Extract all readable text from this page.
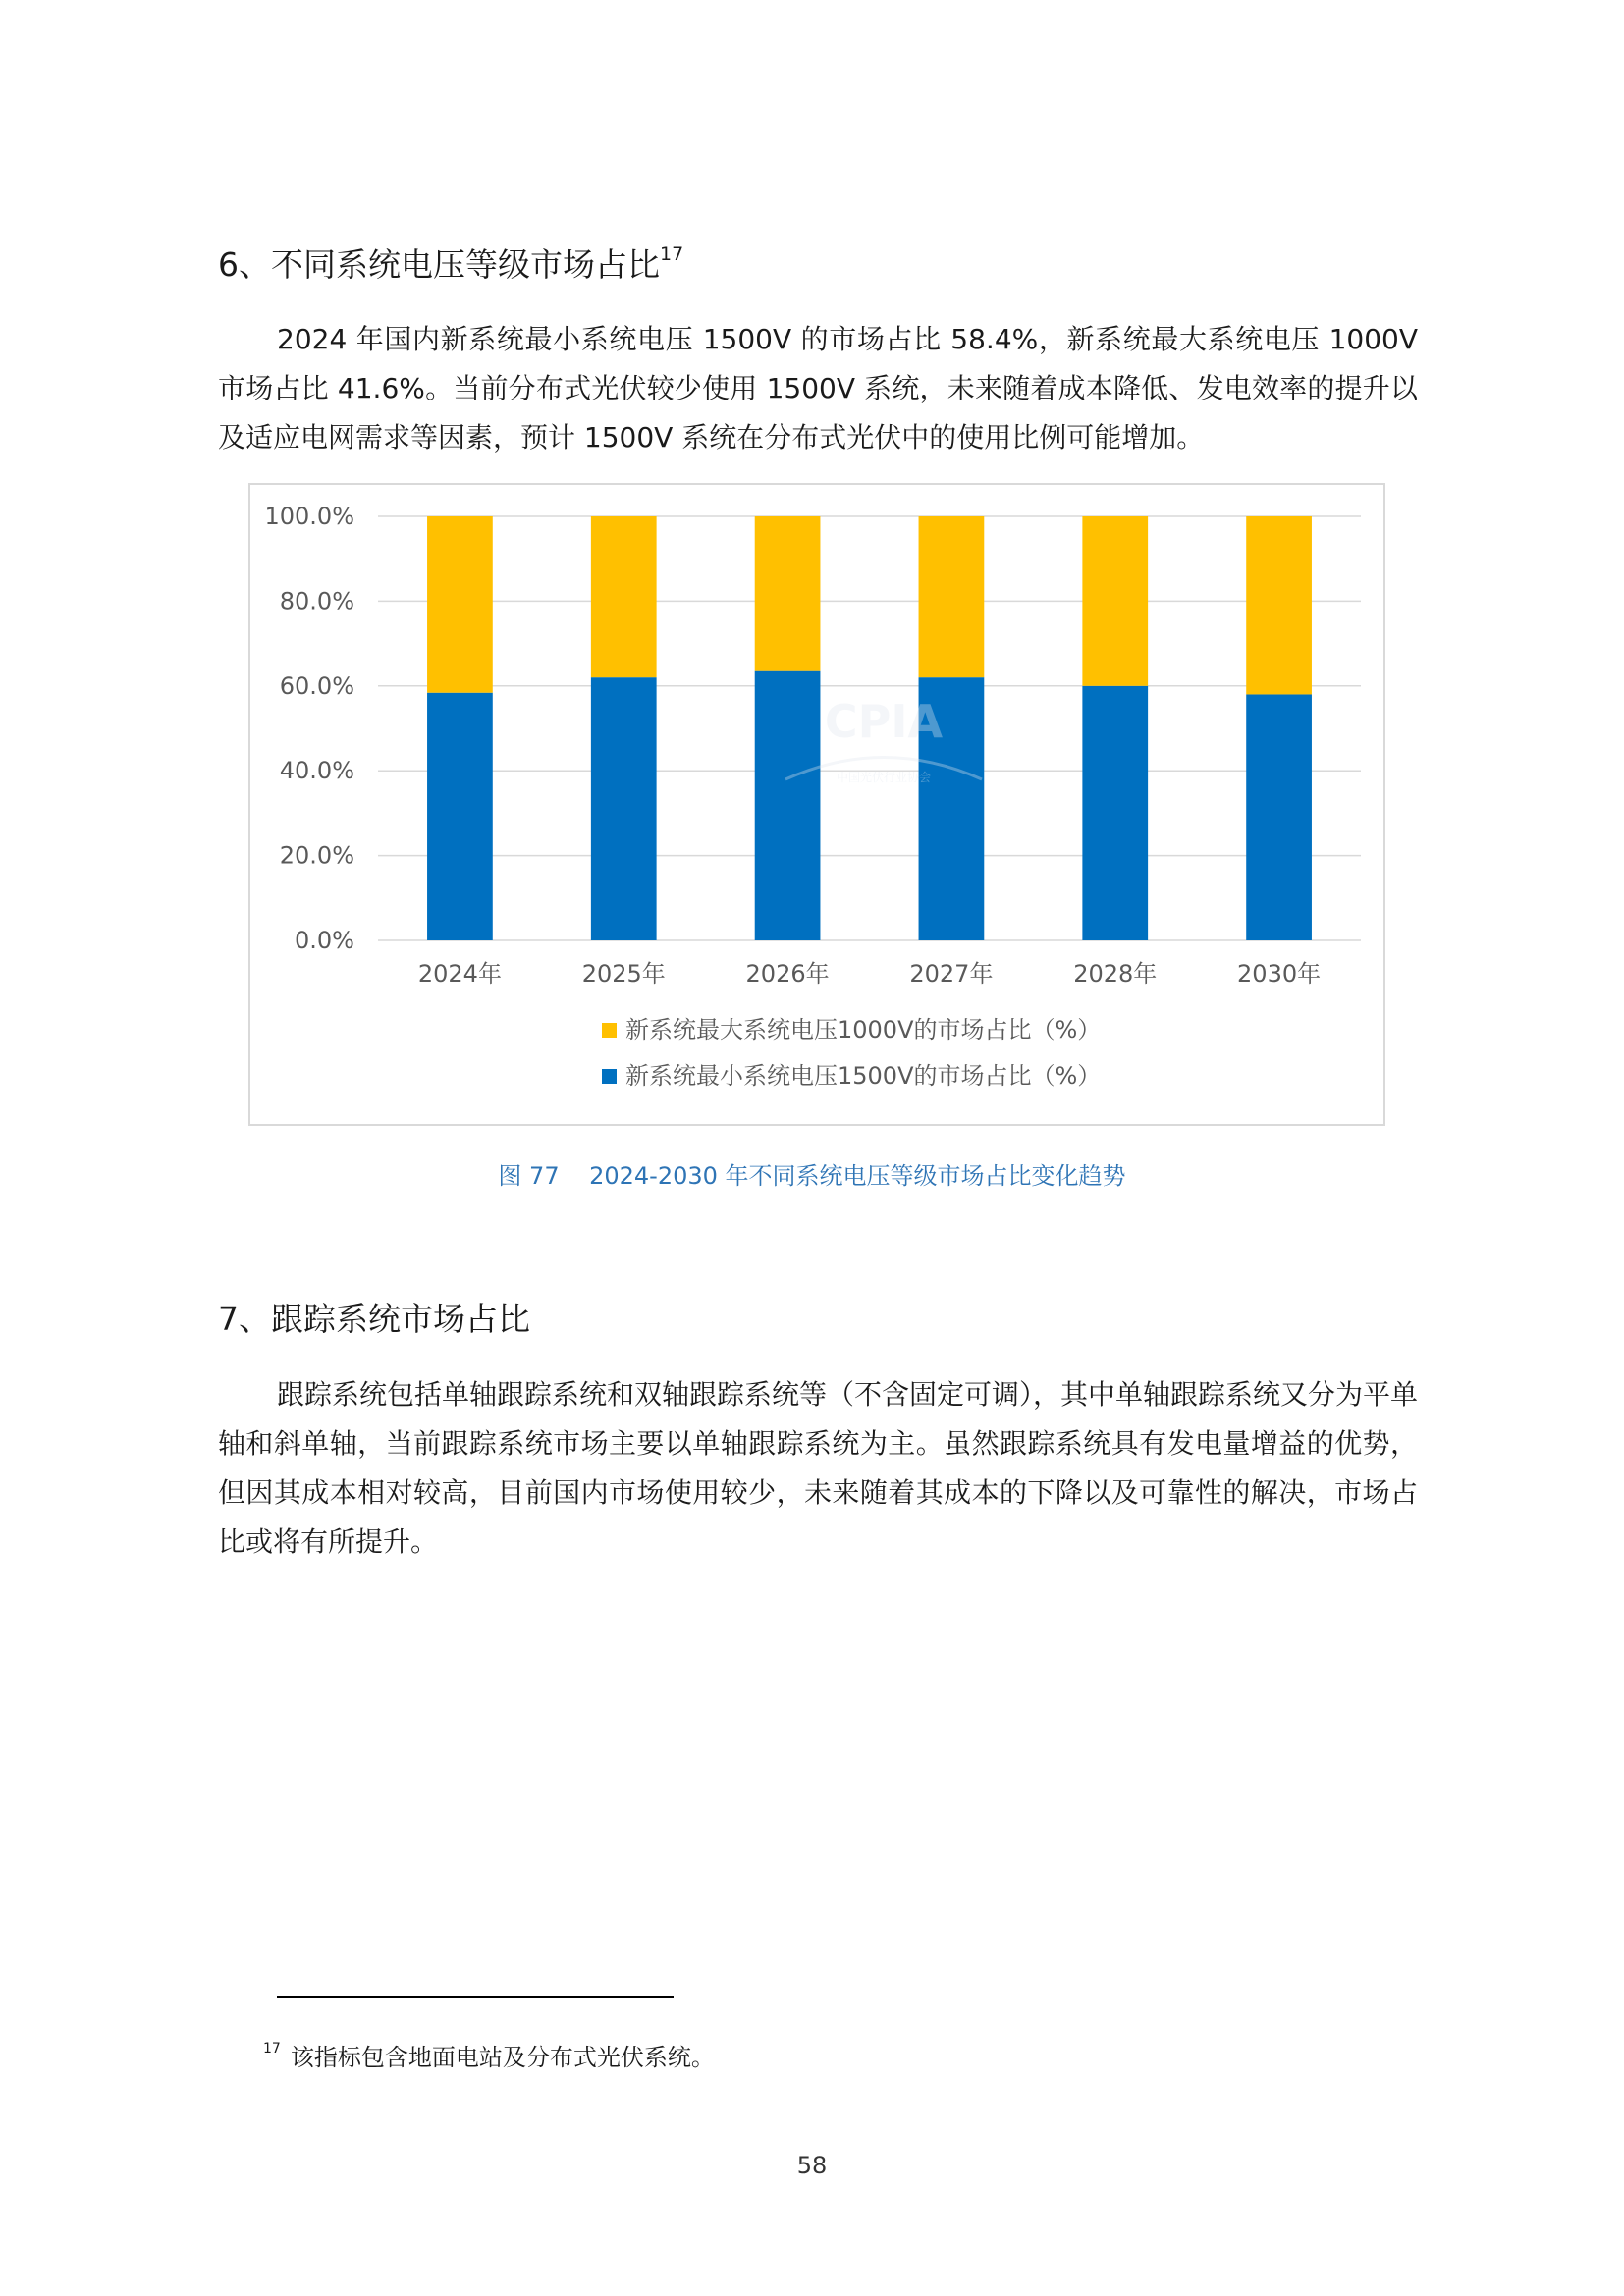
6、不同系统电压等级市场占比$^{17}$

2024 年国内新系统最小系统电压 1500V 的市场占比 58.4%，新系统最大系统电压 1000V 市场占比 41.6%。当前分布式光伏较少使用 1500V 系统，未来随着成本降低、发电效率的提升以及适应电网需求等因素，预计 1500V 系统在分布式光伏中的使用比例可能增加。

0.0%
20.0%
40.0%
60.0%
80.0%
100.0%
CPIA
中国光伏行业协会
2024年	2025年	2026年	2027年	2028年	2030年
新系统最大系统电压1000V的市场占比（%）
新系统最小系统电压1500V的市场占比（%）
图 77    2024-2030 年不同系统电压等级市场占比变化趋势
7、跟踪系统市场占比

跟踪系统包括单轴跟踪系统和双轴跟踪系统等（不含固定可调），其中单轴跟踪系统又分为平单轴和斜单轴，当前跟踪系统市场主要以单轴跟踪系统为主。虽然跟踪系统具有发电量增益的优势，但因其成本相对较高，目前国内市场使用较少，未来随着其成本的下降以及可靠性的解决，市场占比或将有所提升。

$^{17}$ 该指标包含地面电站及分布式光伏系统。
58
